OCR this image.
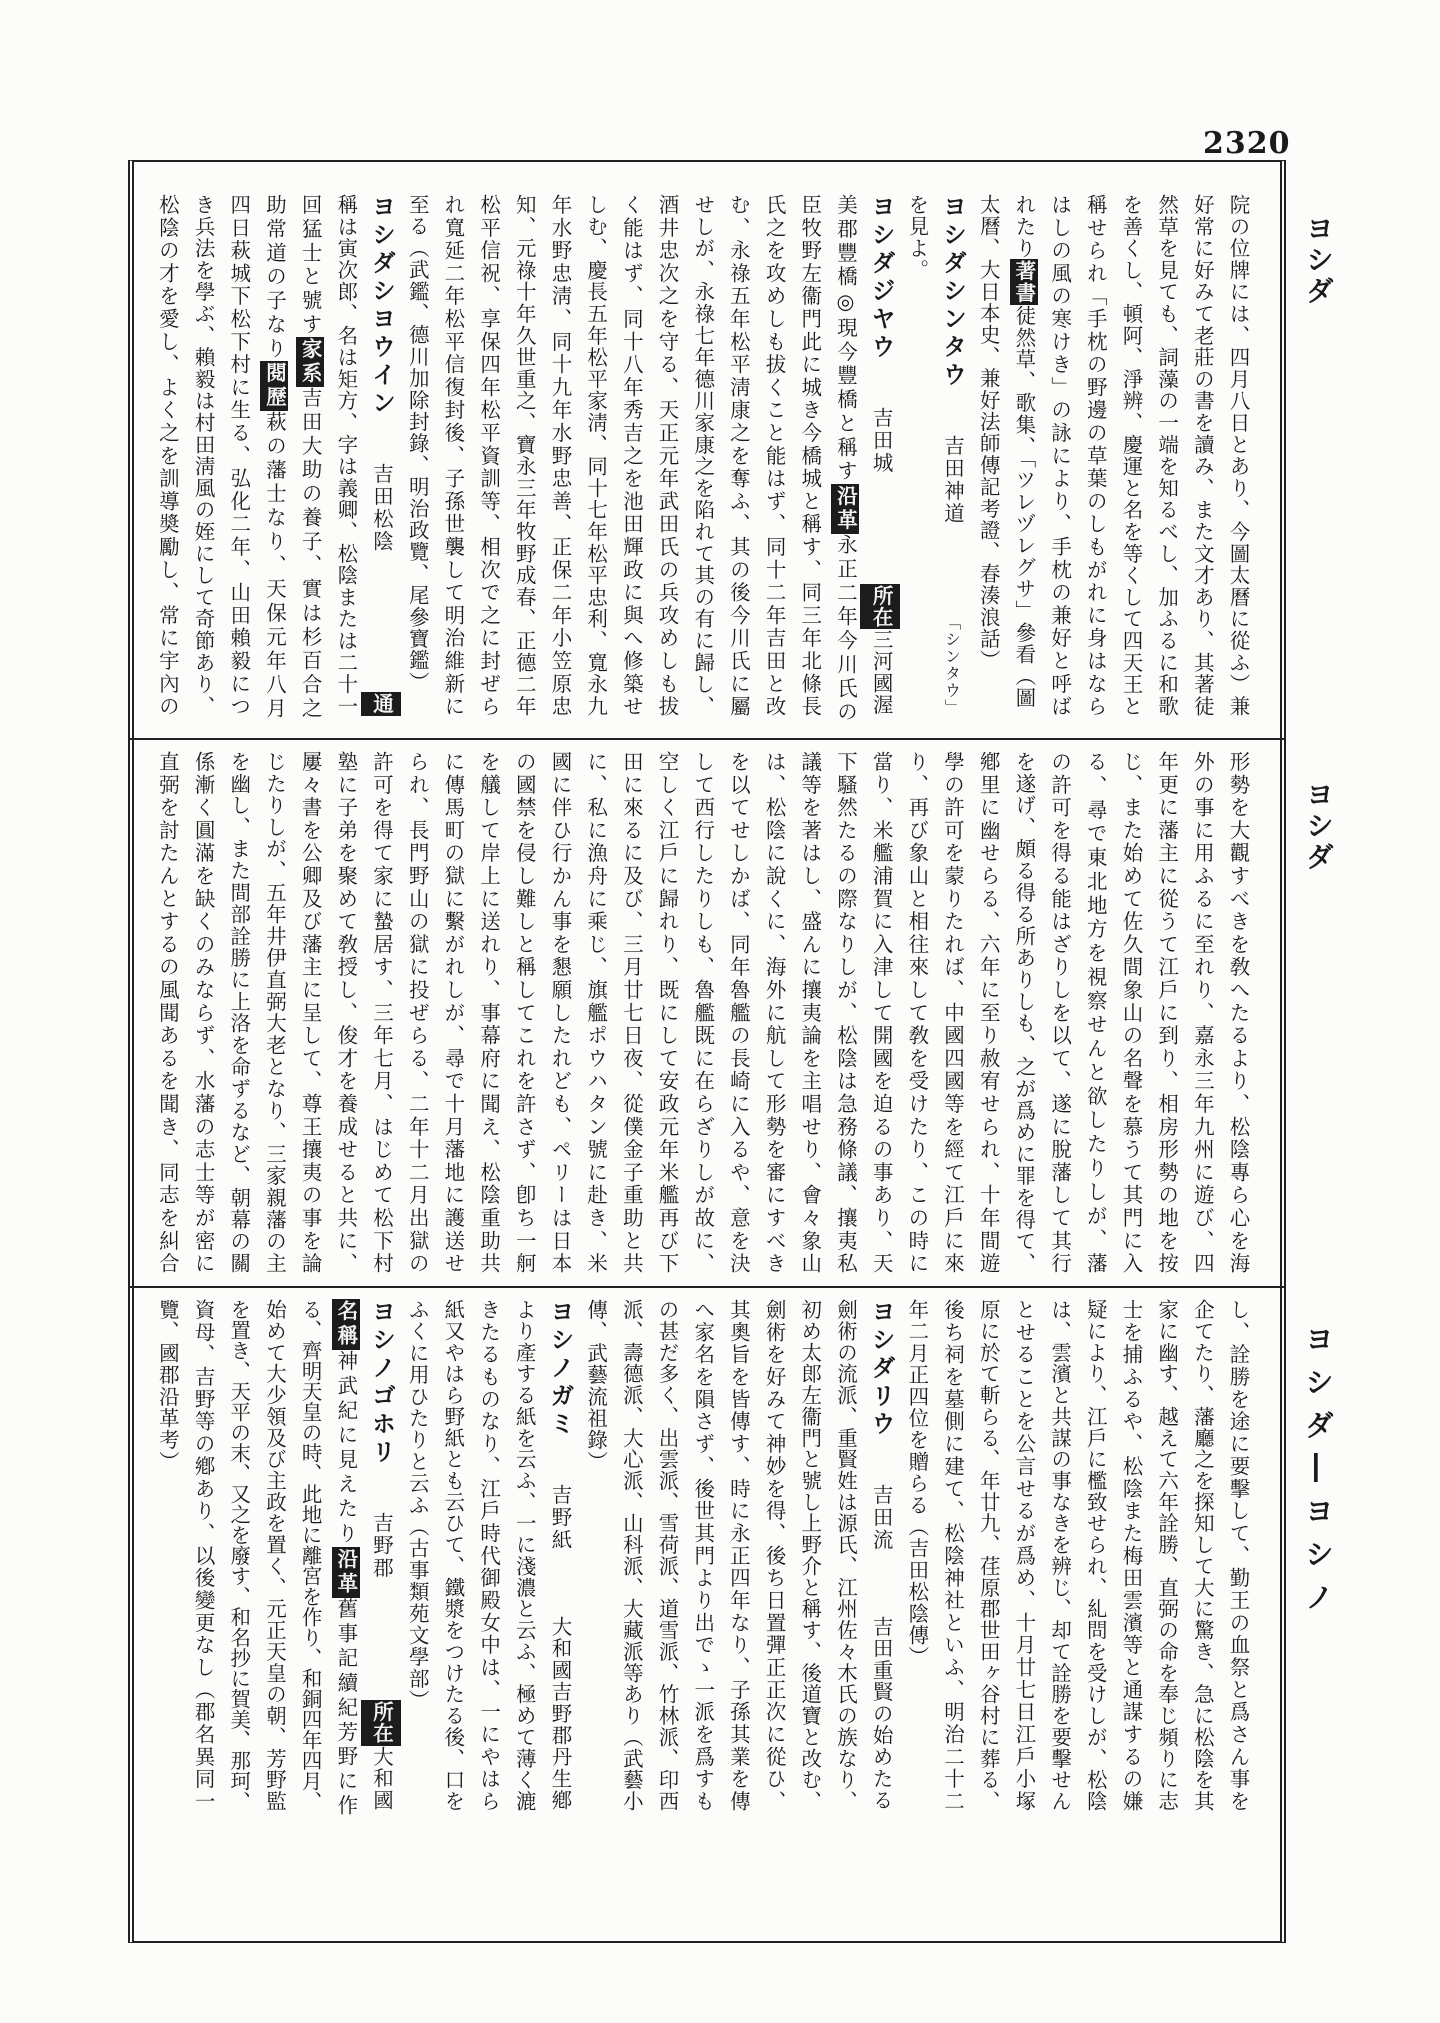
2320
ヨシダ
ヨシダ
ヨシダ―ヨシノ
院の位牌には、四月八日とあり、今圖太曆に從ふ）兼
好常に好みて老莊の書を讀み、また文才あり、其著徒
然草を見ても、詞藻の一端を知るべし、加ふるに和歌
を善くし、頓阿、淨辨、慶運と名を等くして四天王と
稱せられ「手枕の野邊の草葉のしもがれに身はなら
はしの風の寒けき」の詠により、手枕の兼好と呼ば
れたり著書徒然草、歌集、「ツレヅレグサ」參看（圖
太曆、大日本史、兼好法師傳記考證、春湊浪話）
ヨシダシンタウ
吉田神道
「シンタウ」
を見よ。
ヨシダジヤウ
吉田城
所在
三河國渥
美郡豐橋◎現今豐橋と稱す沿革永正二年今川氏の
臣牧野左衞門此に城き今橋城と稱す、同三年北條長
氏之を攻めしも拔くこと能はず、同十二年吉田と改
む、永祿五年松平淸康之を奪ふ、其の後今川氏に屬
せしが、永祿七年德川家康之を陷れて其の有に歸し、
酒井忠次之を守る、天正元年武田氏の兵攻めしも拔
く能はず、同十八年秀吉之を池田輝政に與へ修築せ
しむ、慶長五年松平家淸、同十七年松平忠利、寬永九
年水野忠淸、同十九年水野忠善、正保二年小笠原忠
知、元祿十年久世重之、寶永三年牧野成春、正德二年
松平信祝、享保四年松平資訓等、相次で之に封ぜら
れ寬延二年松平信復封後、子孫世襲して明治維新に
至る（武鑑、德川加除封錄、明治政覽、尾參寶鑑）
ヨシダシヨウイン
吉田松陰
通
稱は寅次郎、名は矩方、字は義卿、松陰または二十一
回猛士と號す家系吉田大助の養子、實は杉百合之
助常道の子なり閱歷萩の藩士なり、天保元年八月
四日萩城下松下村に生る、弘化二年、山田賴毅につ
き兵法を學ぶ、賴毅は村田淸風の姪にして奇節あり、
松陰の才を愛し、よく之を訓導奬勵し、常に宇內の
形勢を大觀すべきを敎へたるより、松陰專ら心を海
外の事に用ふるに至れり、嘉永三年九州に遊び、四
年更に藩主に從うて江戶に到り、相房形勢の地を按
じ、また始めて佐久間象山の名聲を慕うて其門に入
る、尋で東北地方を視察せんと欲したりしが、藩
の許可を得る能はざりしを以て、遂に脫藩して其行
を遂げ、頗る得る所ありしも、之が爲めに罪を得て、
鄕里に幽せらる、六年に至り赦宥せられ、十年間遊
學の許可を蒙りたれば、中國四國等を經て江戶に來
り、再び象山と相往來して敎を受けたり、この時に
當り、米艦浦賀に入津して開國を迫るの事あり、天
下騷然たるの際なりしが、松陰は急務條議、攘夷私
議等を著はし、盛んに攘夷論を主唱せり、會々象山
は、松陰に說くに、海外に航して形勢を審にすべき
を以てせしかば、同年魯艦の長崎に入るや、意を決
して西行したりしも、魯艦既に在らざりしが故に、
空しく江戶に歸れり、既にして安政元年米艦再び下
田に來るに及び、三月廿七日夜、從僕金子重助と共
に、私に漁舟に乘じ、旗艦ポウハタン號に赴き、米
國に伴ひ行かん事を懇願したれども、ペリーは日本
の國禁を侵し難しと稱してこれを許さず、卽ち一舸
を艤して岸上に送れり、事幕府に聞え、松陰重助共
に傳馬町の獄に繫がれしが、尋で十月藩地に護送せ
られ、長門野山の獄に投ぜらる、二年十二月出獄の
許可を得て家に蟄居す、三年七月、はじめて松下村
塾に子弟を聚めて敎授し、俊才を養成せると共に、
屢々書を公卿及び藩主に呈して、尊王攘夷の事を論
じたりしが、五年井伊直弼大老となり、三家親藩の主
を幽し、また間部詮勝に上洛を命ずるなど、朝幕の關
係漸く圓滿を缺くのみならず、水藩の志士等が密に
直弼を討たんとするの風聞あるを聞き、同志を糾合
し、詮勝を途に要擊して、勤王の血祭と爲さん事を
企てたり、藩廳之を探知して大に驚き、急に松陰を其
家に幽す、越えて六年詮勝、直弼の命を奉じ頻りに志
士を捕ふるや、松陰また梅田雲濱等と通謀するの嫌
疑により、江戶に檻致せられ、糺問を受けしが、松陰
は、雲濱と共謀の事なきを辨じ、却て詮勝を要擊せん
とせることを公言せるが爲め、十月廿七日江戶小塚
原に於て斬らる、年廿九、荏原郡世田ヶ谷村に葬る、
後ち祠を墓側に建て、松陰神社といふ、明治二十二
年二月正四位を贈らる（吉田松陰傳）
ヨシダリウ
吉田流
吉田重賢の始めたる
劍術の流派、重賢姓は源氏、江州佐々木氏の族なり、
初め太郎左衞門と號し上野介と稱す、後道寶と改む、
劍術を好みて神妙を得、後ち日置彈正正次に從ひ、
其奧旨を皆傳す、時に永正四年なり、子孫其業を傳
へ家名を隕さず、後世其門より出でゝ一派を爲すも
の甚だ多く、出雲派、雪荷派、道雪派、竹林派、印西
派、壽德派、大心派、山科派、大藏派等あり（武藝小
傳、武藝流祖錄）
ヨシノガミ
吉野紙
大和國吉野郡丹生鄕
より產する紙を云ふ、一に淺濃と云ふ、極めて薄く漉
きたるものなり、江戶時代御殿女中は、一にやはら
紙又やはら野紙とも云ひて、鐵漿をつけたる後、口を
ふくに用ひたりと云ふ（古事類苑文學部）
ヨシノゴホリ
吉野郡
所在
大和國
名稱神武紀に見えたり沿革舊事記續紀芳野に作
る、齊明天皇の時、此地に離宮を作り、和銅四年四月、
始めて大少領及び主政を置く、元正天皇の朝、芳野監
を置き、天平の末、又之を廢す、和名抄に賀美、那珂、
資母、吉野等の鄕あり、以後變更なし（郡名異同一
覽、國郡沿革考）
